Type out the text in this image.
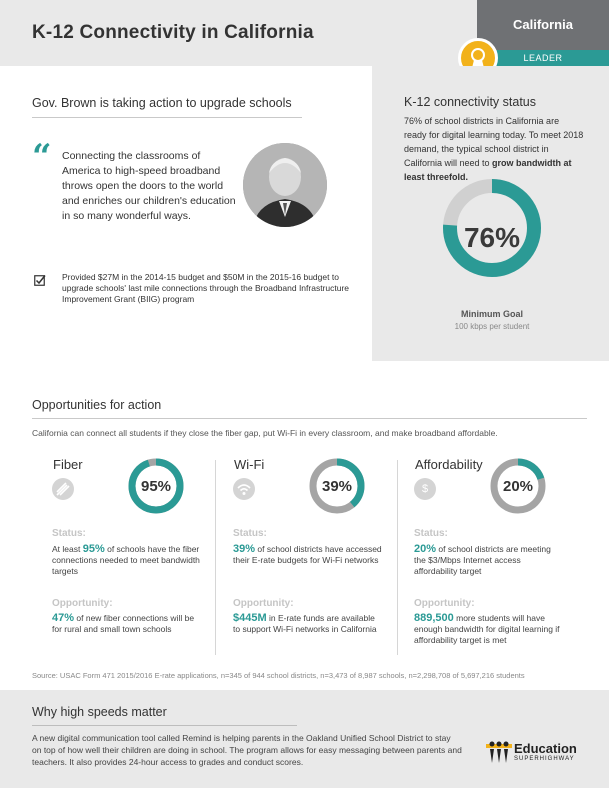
K-12 Connectivity in California	California
LEADER
Gov. Brown is taking action to upgrade schools
“ Connecting the classrooms of America to high-speed broadband throws open the doors to the world and enriches our children's education in so many wonderful ways.
Provided $27M in the 2014-15 budget and $50M in the 2015-16 budget to upgrade schools' last mile connections through the Broadband Infrastructure Improvement Grant (BIIG) program
K-12 connectivity status
76% of school districts in California are ready for digital learning today. To meet 2018 demand, the typical school district in California will need to grow bandwidth at least threefold.
76%
Minimum Goal
100 kbps per student
Opportunities for action
California can connect all students if they close the fiber gap, put Wi-Fi in every classroom, and make broadband affordable.
Fiber
95%
Status:
At least 95% of schools have the fiber connections needed to meet bandwidth targets
Opportunity:
47% of new fiber connections will be for rural and small town schools
Wi-Fi
39%
Status:
39% of school districts have accessed their E-rate budgets for Wi-Fi networks
Opportunity:
$445M in E-rate funds are available to support Wi-Fi networks in California
Affordability
$	20%
Status:
20% of school districts are meeting the $3/Mbps Internet access affordability target
Opportunity:
889,500 more students will have enough bandwidth for digital learning if affordability target is met
Source: USAC Form 471 2015/2016 E-rate applications, n=345 of 944 school districts, n=3,473 of 8,987 schools, n=2,298,708 of 5,697,216 students
Why high speeds matter
A new digital communication tool called Remind is helping parents in the Oakland Unified School District to stay on top of how well their children are doing in school. The program allows for easy messaging between parents and teachers. It also provides 24-hour access to grades and conduct scores.
Education
SUPERHIGHWAY
